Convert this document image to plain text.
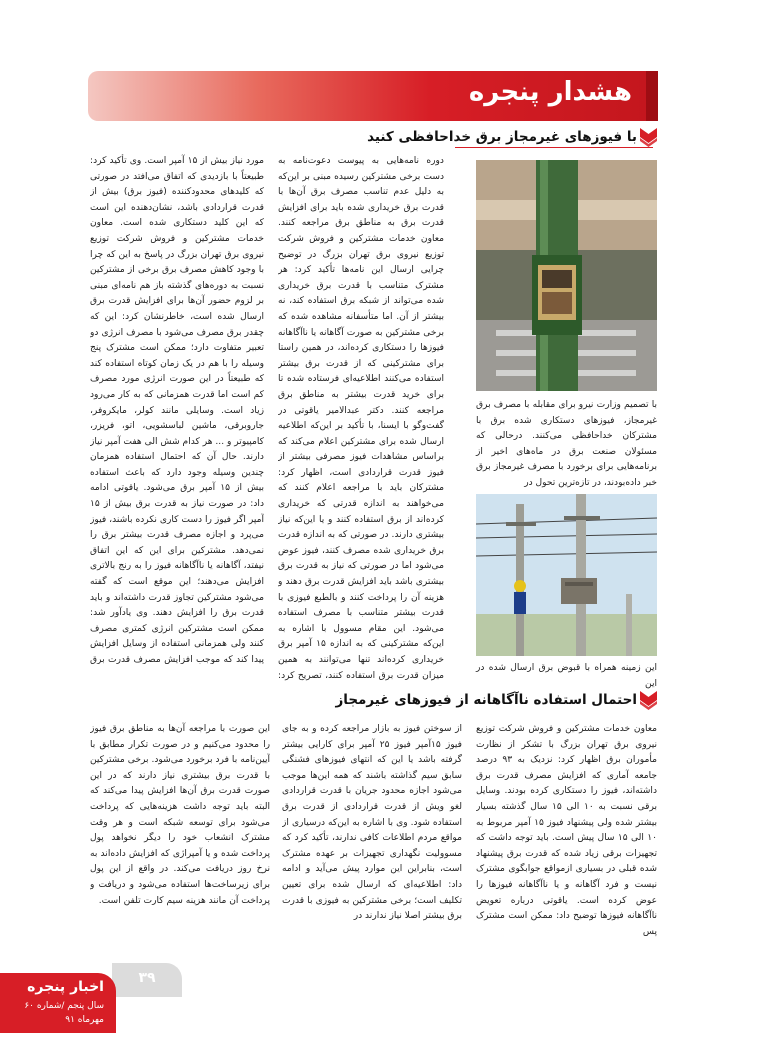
هشدار پنجره
با فیوزهای غیرمجاز برق خداحافظی کنید

دوره نامه‌هایی به پیوست دعوت‌نامه به دست برخی مشترکین رسیده مبنی بر این‌که به دلیل عدم تناسب مصرف برق آن‌ها با قدرت برق خریداری شده باید برای افزایش قدرت برق به مناطق برق مراجعه کنند. معاون خدمات مشترکین و فروش شرکت توزیع نیروی برق تهران بزرگ در توضیح چرایی ارسال این نامه‌ها تأکید کرد: هر مشترک متناسب با قدرت برق خریداری شده می‌تواند از شبکه برق استفاده کند، نه بیشتر از آن. اما متأسفانه مشاهده شده که برخی مشترکین به صورت آگاهانه یا ناآگاهانه فیوزها را دستکاری کرده‌اند، در همین راستا برای مشترکینی که از قدرت برق بیشتر استفاده می‌کنند اطلاعیه‌ای فرستاده شده تا برای خرید قدرت بیشتر به مناطق برق مراجعه کنند. دکتر عبدالامیر یاقوتی در گفت‌وگو با ایسنا، با تأکید بر این‌که اطلاعیه ارسال شده برای مشترکین اعلام می‌کند که براساس مشاهدات فیوز مصرفی بیشتر از فیوز قدرت قراردادی است، اظهار کرد: مشترکان باید با مراجعه اعلام کنند که می‌خواهند به اندازه قدرتی که خریداری کرده‌اند از برق استفاده کنند و یا این‌که نیاز بیشتری دارند. در صورتی که به اندازه قدرت برق خریداری شده مصرف کنند، فیوز عوض می‌شود اما در صورتی که نیاز به قدرت برق بیشتری باشد باید افزایش قدرت برق دهند و هزینه آن را پرداخت کنند و بالطبع فیوزی با قدرت بیشتر متناسب با مصرف استفاده می‌شود. این مقام مسوول با اشاره به این‌که مشترکینی که به اندازه ۱۵ آمپر برق خریداری کرده‌اند تنها می‌توانند به همین میزان قدرت برق استفاده کنند، تصریح کرد:

مورد نیاز بیش از ۱۵ آمپر است. وی تأکید کرد: طبیعتاً با بازدیدی که اتفاق می‌افتد در صورتی که کلیدهای محدودکننده (فیوز برق) بیش از قدرت قراردادی باشد، نشان‌دهنده این است که این کلید دستکاری شده است. معاون خدمات مشترکین و فروش شرکت توزیع نیروی برق تهران بزرگ در پاسخ به این که چرا با وجود کاهش مصرف برق برخی از مشترکین نسبت به دوره‌های گذشته باز هم نامه‌ای مبنی بر لزوم حضور آن‌ها برای افزایش قدرت برق ارسال شده است، خاطرنشان کرد: این که چقدر برق مصرف می‌شود با مصرف انرژی دو تعبیر متفاوت دارد؛ ممکن است مشترک پنج وسیله را با هم در یک زمان کوتاه استفاده کند که طبیعتاً در این صورت انرژی مورد مصرف کم است اما قدرت همزمانی که به کار می‌رود زیاد است. وسایلی مانند کولر، مایکروفر، جاروبرقی، ماشین لباسشویی، اتو، فریزر، کامپیوتر و ... هر کدام شش الی هفت آمپر نیاز دارند. حال آن که احتمال استفاده همزمان چندین وسیله وجود دارد که باعث استفاده بیش از ۱۵ آمپر برق می‌شود. یاقوتی ادامه داد: در صورت نیاز به قدرت برق بیش از ۱۵ آمپر اگر فیوز را دست کاری نکرده باشند، فیوز می‌پرد و اجازه مصرف قدرت بیشتر برق را نمی‌دهد. مشترکین برای این که این اتفاق نیفتد، آگاهانه یا ناآگاهانه فیوز را به رنج بالاتری افزایش می‌دهند؛ این موقع است که گفته می‌شود مشترکین تجاوز قدرت داشته‌اند و باید قدرت برق را افزایش دهند. وی یادآور شد: ممکن است مشترکین انرژی کمتری مصرف کنند ولی همزمانی استفاده از وسایل افزایش پیدا کند که موجب افزایش مصرف قدرت برق

با تصمیم وزارت نیرو برای مقابله با مصرف برق غیرمجاز، فیوزهای دستکاری شده برق با مشترکان خداحافظی می‌کنند. درحالی که مسئولان صنعت برق در ماه‌های اخیر از برنامه‌هایی برای برخورد با مصرف غیرمجاز برق خبر داده‌بودند، در تازه‌ترین تحول در
این زمینه همراه با قبوض برق ارسال شده در این
احتمال استفاده ناآگاهانه از فیوزهای غیرمجاز

معاون خدمات مشترکین و فروش شرکت توزیع نیروی برق تهران بزرگ با تشکر از نظارت مأموران برق اظهار کرد: نزدیک به ۹۳ درصد جامعه آماری که افزایش مصرف قدرت برق داشته‌اند، فیوز را دستکاری کرده بودند. وسایل برقی نسبت به ۱۰ الی ۱۵ سال گذشته بسیار بیشتر شده ولی پیشنهاد فیوز ۱۵ آمپر مربوط به ۱۰ الی ۱۵ سال پیش است. باید توجه داشت که تجهیزات برقی زیاد شده که قدرت برق پیشنهاد شده قبلی در بسیاری ازمواقع جوابگوی مشترک نیست و فرد آگاهانه و یا ناآگاهانه فیوزها را عوض کرده است. یاقوتی درباره تعویض ناآگاهانه فیوزها توضیح داد: ممکن است مشترک پس

از سوختن فیوز به بازار مراجعه کرده و به جای فیوز ۱۵آمپر فیوز ۲۵ آمپر برای کارایی بیشتر گرفته باشد یا این که انتهای فیوزهای فشنگی سابق سیم گذاشته باشند که همه این‌ها موجب می‌شود اجازه محدود جریان با قدرت قراردادی لغو ویش از قدرت قراردادی از قدرت برق استفاده شود. وی با اشاره به این‌که درسیاری از مواقع مردم اطلاعات کافی ندارند، تأکید کرد که مسوولیت نگهداری تجهیزات بر عهده مشترک است، بنابراین این موارد پیش می‌آید و ادامه داد: اطلاعیه‌ای که ارسال شده برای تعیین تکلیف است؛ برخی مشترکین به فیوزی با قدرت برق بیشتر اصلا نیاز ندارند در

این صورت با مراجعه آن‌ها به مناطق برق فیوز را محدود می‌کنیم و در صورت تکرار مطابق با آیین‌نامه با فرد برخورد می‌شود. برخی مشترکین با قدرت برق بیشتری نیاز دارند که در این صورت قدرت برق آن‌ها افزایش پیدا می‌کند که البته باید توجه داشت هزینه‌هایی که پرداخت می‌شود برای توسعه شبکه است و هر وقت مشترک انشعاب خود را دیگر نخواهد پول پرداخت شده و یا آمپراژی که افزایش داده‌اند به نرخ روز دریافت می‌کند. در واقع از این پول برای زیرساخت‌ها استفاده می‌شود و دریافت و پرداخت آن مانند هزینه سیم کارت تلفن است.

۳۹
اخبار پنجره
سال پنجم /شماره ۶۰
مهرماه ۹۱
